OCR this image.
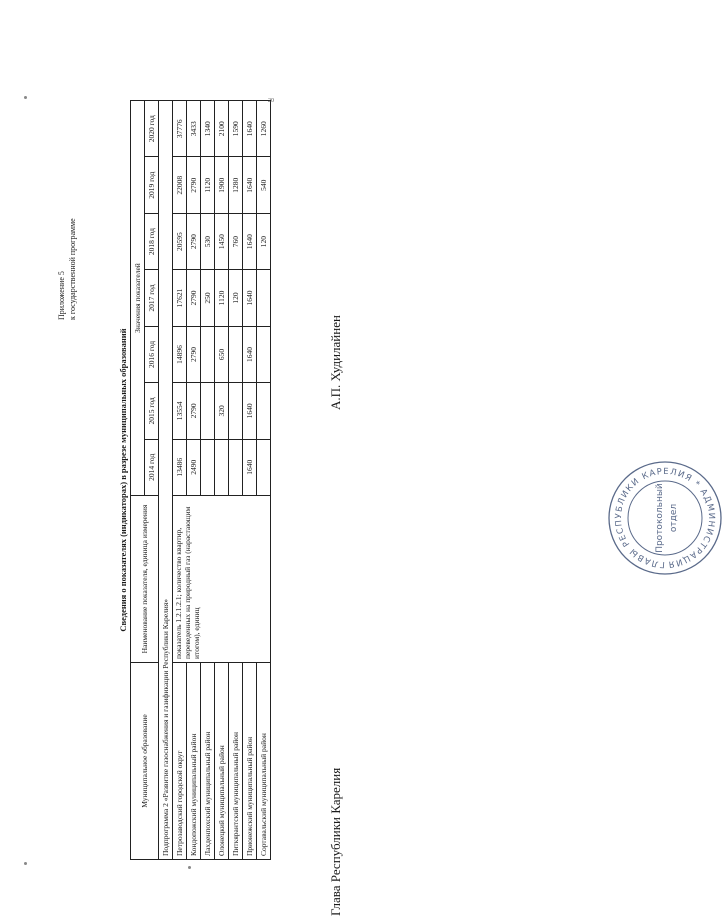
Приложение 5 к государственной программе
Сведения о показателях (индикаторах) в разрезе муниципальных образований
Муниципальное образование	Наименование показателя, единица измерения	Значения показателей						
		2014 год	2015 год	2016 год	2017 год	2018 год	2019 год	2020 год
Подпрограмма 2 «Развитие газоснабжения и газификации Республики Карелия»								
Петрозаводский городской округ	показатель 1.2.1.2.1; количество квартир, переведенных на природный газ (нарастающим итогом), единиц	13486	13554	14896	17621	20595	22008	37776
Кондопожский муниципальный район		2490	2790	2790	2790	2790	2790	3433
Лахденпохский муниципальный район					250	530	1120	1340
Олонецкий муниципальный район			320	650	1120	1450	1900	2100
Питкярантский муниципальный район					120	760	1280	1590
Прионежский муниципальный район		1640	1640	1640	1640	1640	1640	1640
Сортавальский муниципальный район						120	540	1260
Глава Республики Карелия
А.П. Худилайнен
ГЛАВЫ РЕСПУБЛИКИ КАРЕЛИЯ * АДМИНИСТРАЦИЯ
Протокольный отдел
20
